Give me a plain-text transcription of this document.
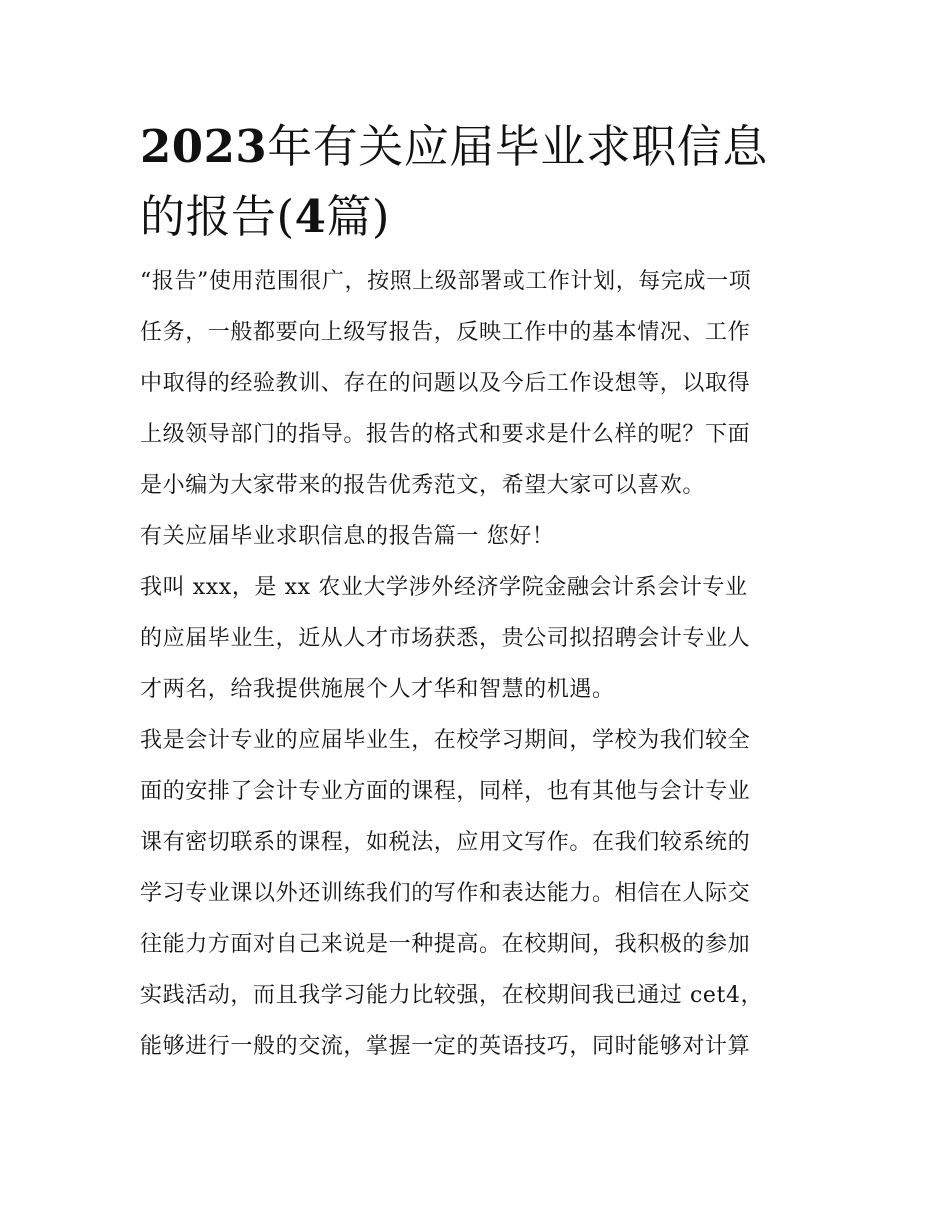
2023年有关应届毕业求职信息
的报告(4篇)

“报告”使用范围很广，按照上级部署或工作计划，每完成一项

任务，一般都要向上级写报告，反映工作中的基本情况、工作

中取得的经验教训、存在的问题以及今后工作设想等，以取得

上级领导部门的指导。报告的格式和要求是什么样的呢？下面

是小编为大家带来的报告优秀范文，希望大家可以喜欢。

有关应届毕业求职信息的报告篇一 您好！

我叫 xxx，是 xx 农业大学涉外经济学院金融会计系会计专业

的应届毕业生，近从人才市场获悉，贵公司拟招聘会计专业人

才两名，给我提供施展个人才华和智慧的机遇。

我是会计专业的应届毕业生，在校学习期间，学校为我们较全

面的安排了会计专业方面的课程，同样，也有其他与会计专业

课有密切联系的课程，如税法，应用文写作。在我们较系统的

学习专业课以外还训练我们的写作和表达能力。相信在人际交

往能力方面对自己来说是一种提高。在校期间，我积极的参加

实践活动，而且我学习能力比较强，在校期间我已通过 cet4，

能够进行一般的交流，掌握一定的英语技巧，同时能够对计算
